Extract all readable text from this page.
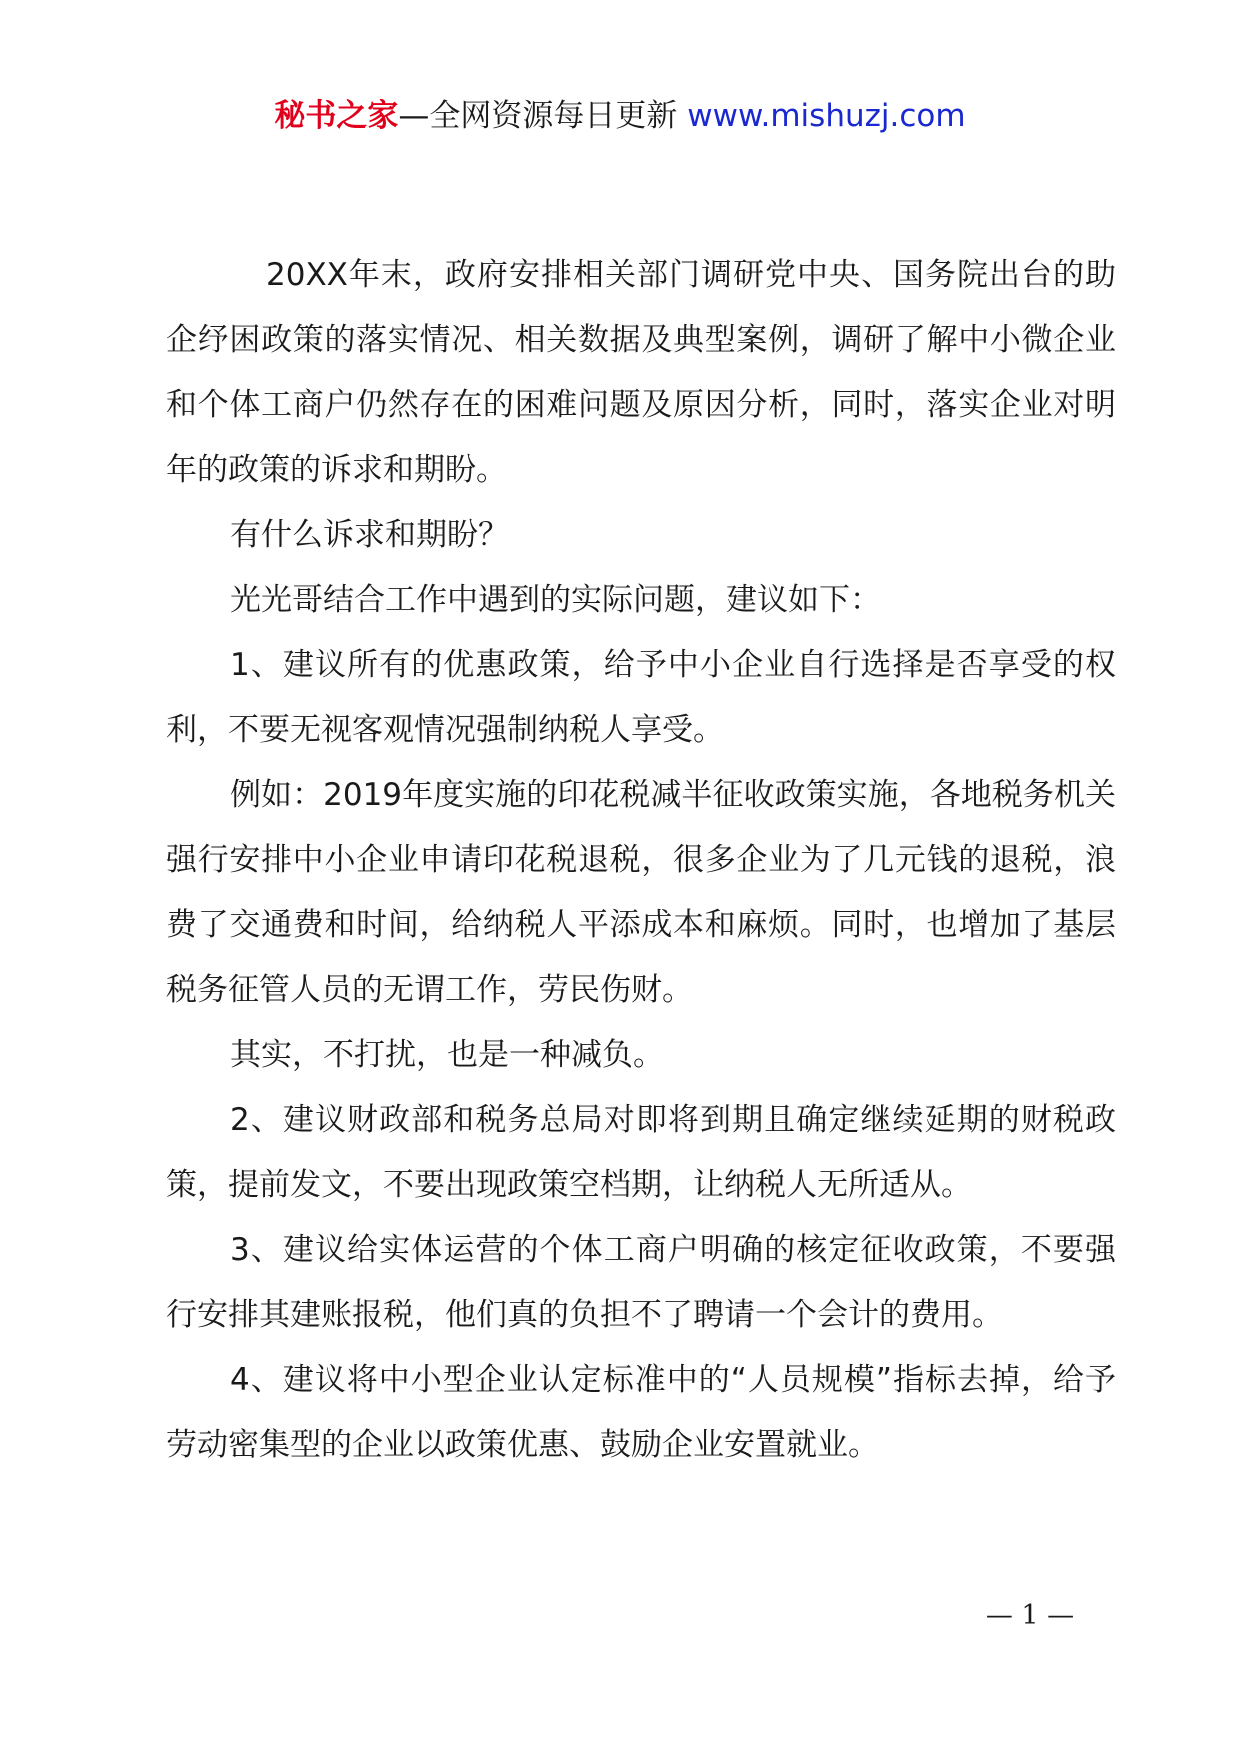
秘书之家—全网资源每日更新 www.mishuzj.com

20XX年末，政府安排相关部门调研党中央、国务院出台的助企纾困政策的落实情况、相关数据及典型案例，调研了解中小微企业和个体工商户仍然存在的困难问题及原因分析，同时，落实企业对明年的政策的诉求和期盼。

有什么诉求和期盼？

光光哥结合工作中遇到的实际问题，建议如下：

1、建议所有的优惠政策，给予中小企业自行选择是否享受的权利，不要无视客观情况强制纳税人享受。

例如：2019年度实施的印花税减半征收政策实施，各地税务机关强行安排中小企业申请印花税退税，很多企业为了几元钱的退税，浪费了交通费和时间，给纳税人平添成本和麻烦。同时，也增加了基层税务征管人员的无谓工作，劳民伤财。

其实，不打扰，也是一种减负。

2、建议财政部和税务总局对即将到期且确定继续延期的财税政策，提前发文，不要出现政策空档期，让纳税人无所适从。

3、建议给实体运营的个体工商户明确的核定征收政策，不要强行安排其建账报税，他们真的负担不了聘请一个会计的费用。

4、建议将中小型企业认定标准中的“人员规模”指标去掉，给予劳动密集型的企业以政策优惠、鼓励企业安置就业。

— 1 —
